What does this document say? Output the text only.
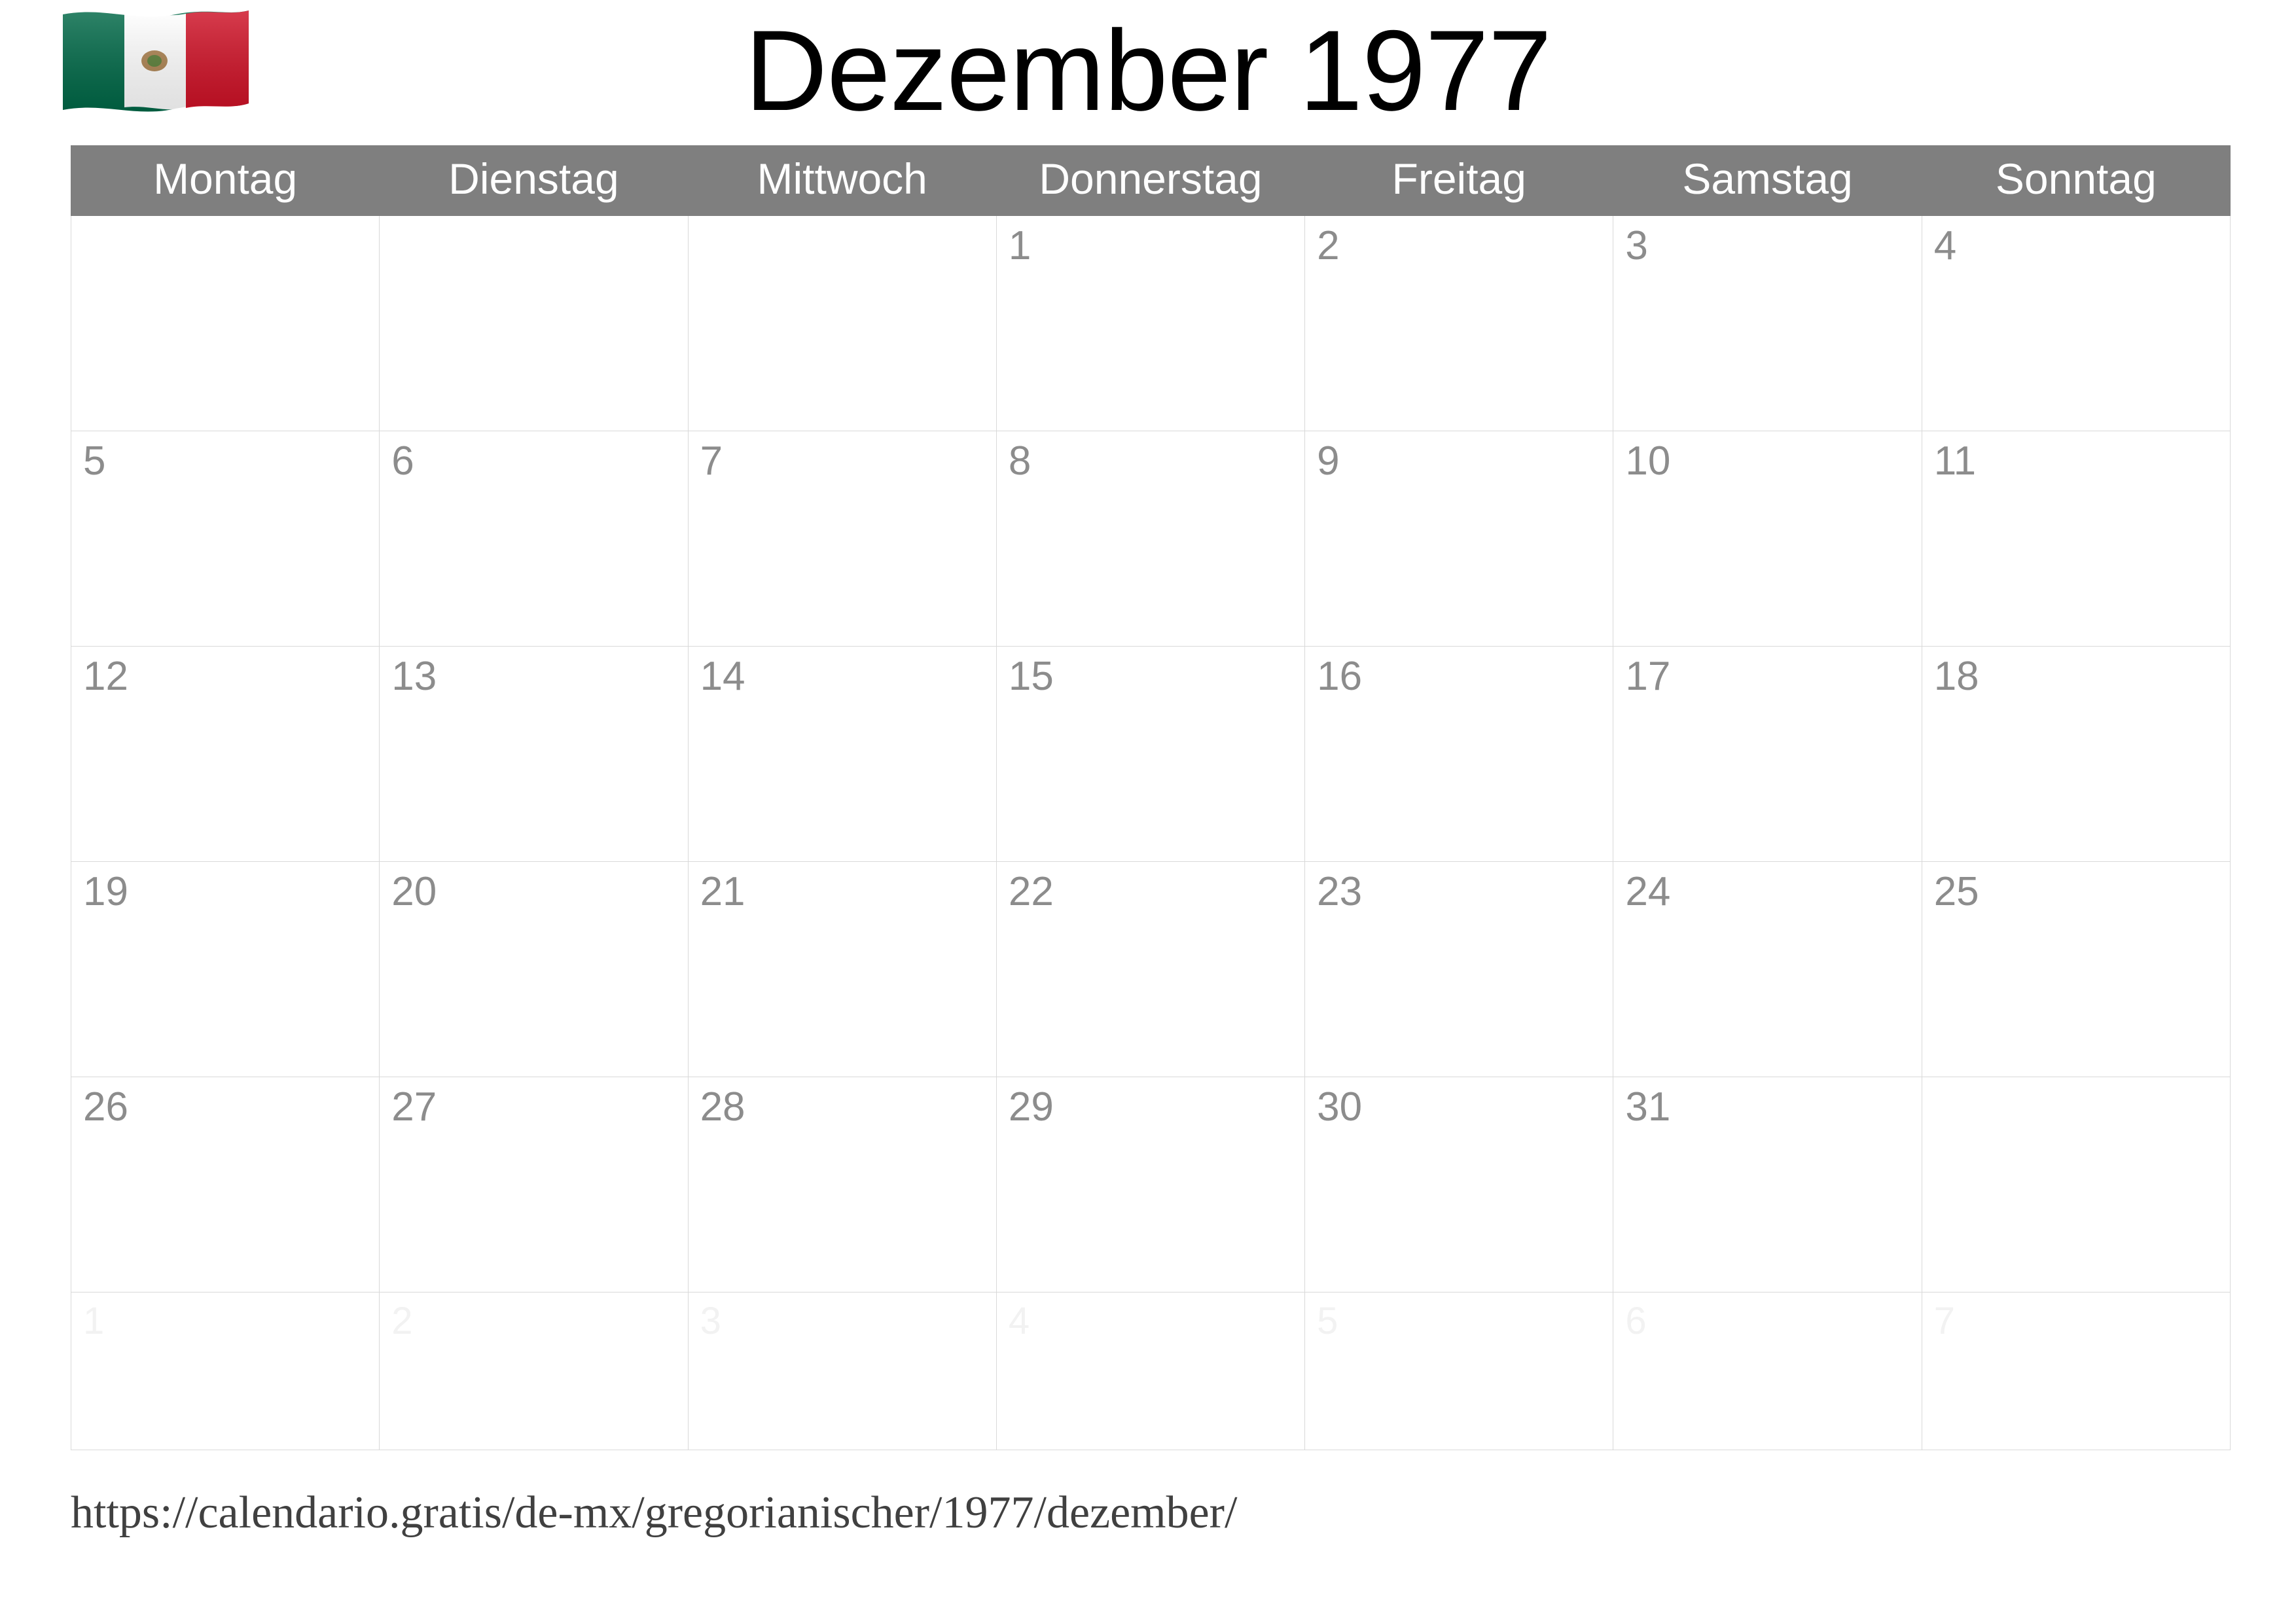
Dezember 1977
Montag	Dienstag	Mittwoch	Donnerstag	Freitag	Samstag	Sonntag
			1	2	3	4
5	6	7	8	9	10	11
12	13	14	15	16	17	18
19	20	21	22	23	24	25
26	27	28	29	30	31	
1	2	3	4	5	6	7
https://calendario.gratis/de-mx/gregorianischer/1977/dezember/
